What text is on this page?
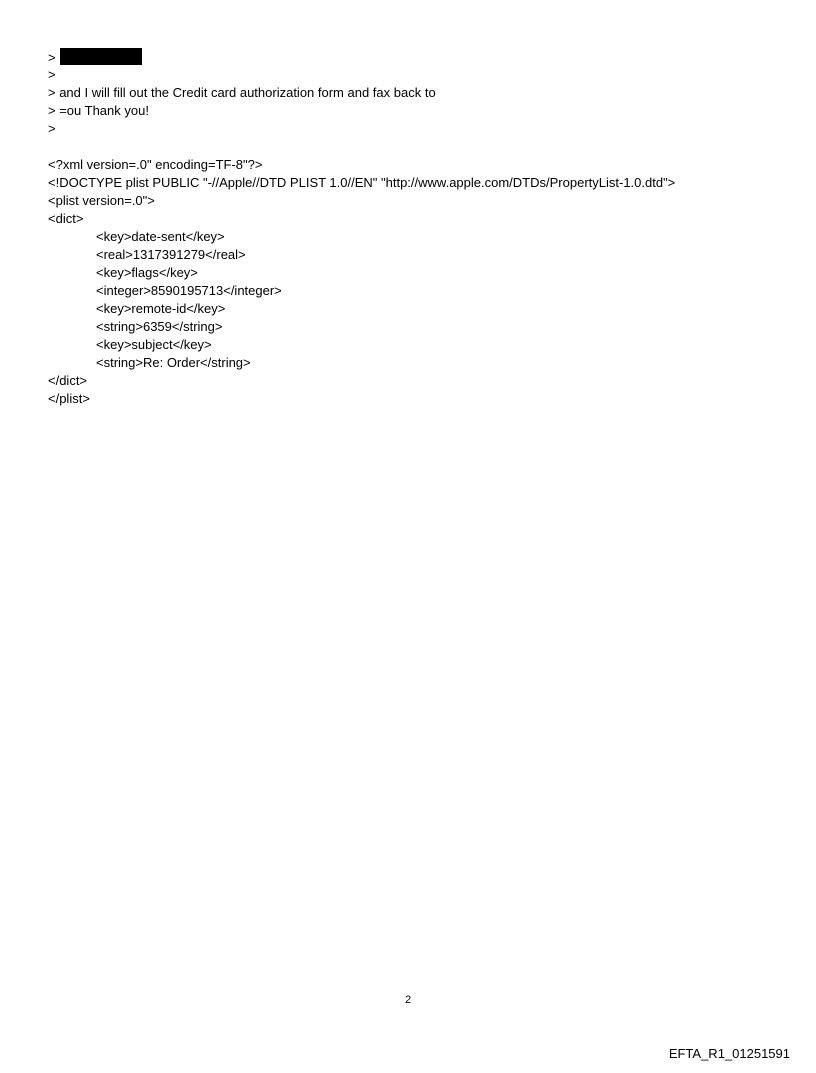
>
>
> and I will fill out the Credit card authorization form and fax back to
> =ou Thank you!
>
<?xml version=.0" encoding=TF-8"?>
<!DOCTYPE plist PUBLIC "-//Apple//DTD PLIST 1.0//EN" "http://www.apple.com/DTDs/PropertyList-1.0.dtd">
<plist version=.0">
<dict>
<key>date-sent</key>
<real>1317391279</real>
<key>flags</key>
<integer>8590195713</integer>
<key>remote-id</key>
<string>6359</string>
<key>subject</key>
<string>Re: Order</string>
</dict>
</plist>
2
EFTA_R1_01251591
